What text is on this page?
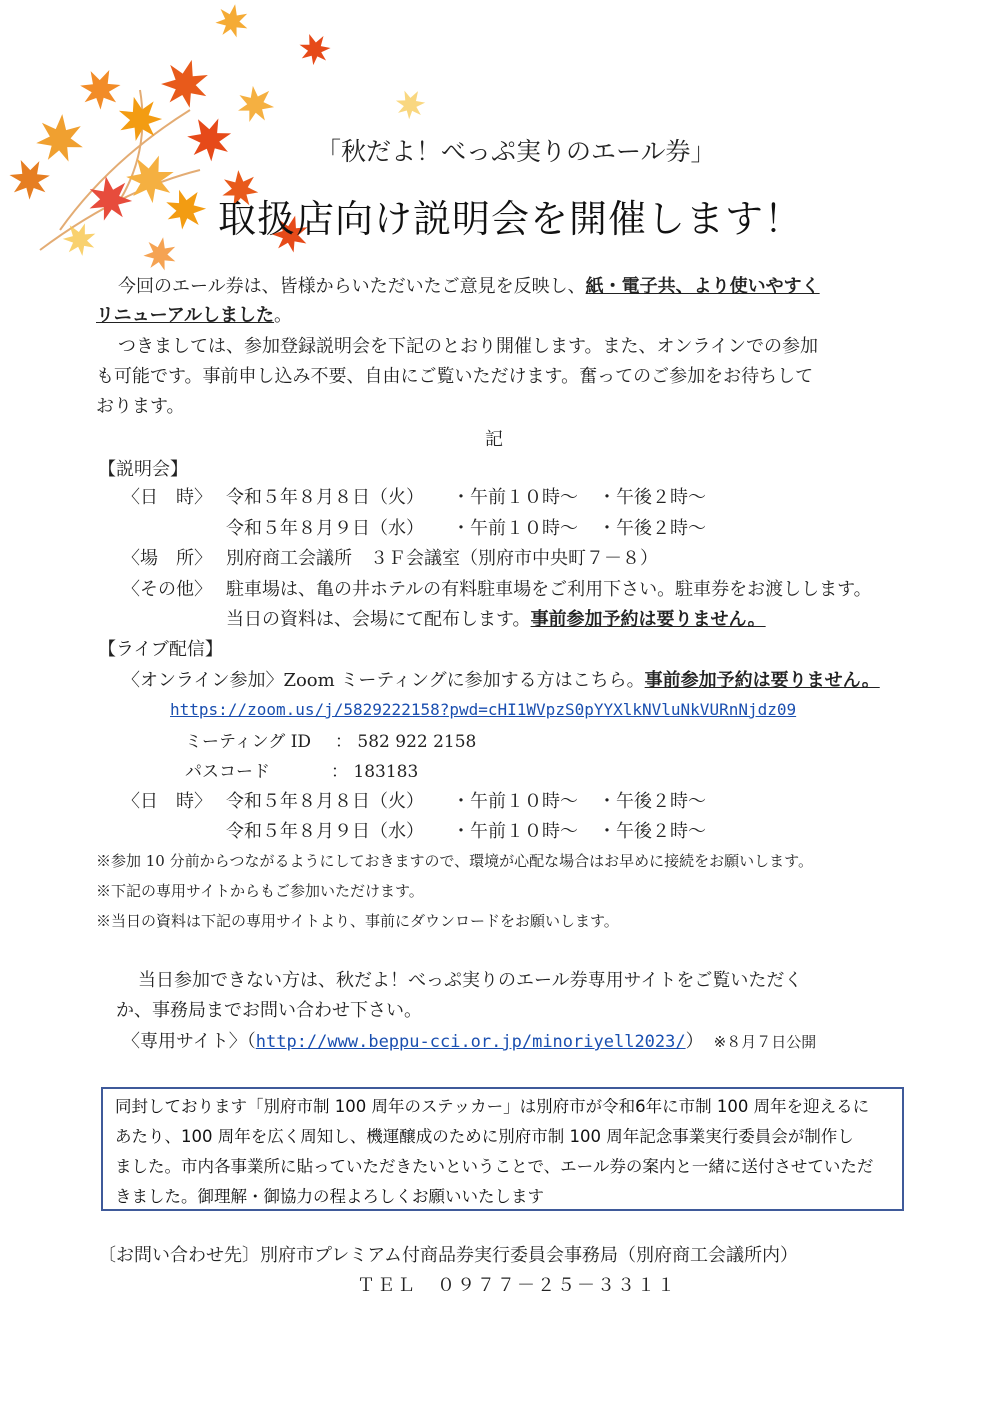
「秋だよ！べっぷ実りのエール券」
取扱店向け説明会を開催します！
今回のエール券は、皆様からいただいたご意見を反映し、紙・電子共、より使いやすく
リニューアルしました。
つきましては、参加登録説明会を下記のとおり開催します。また、オンラインでの参加
も可能です。事前申し込み不要、自由にご覧いただけます。奮ってのご参加をお待ちして
おります。
記
【説明会】
〈日　時〉 令和５年８月８日（火） ・午前１０時～ ・午後２時～
令和５年８月９日（水） ・午前１０時～ ・午後２時～
〈場　所〉 別府商工会議所　３Ｆ会議室（別府市中央町７－８）
〈その他〉 駐車場は、亀の井ホテルの有料駐車場をご利用下さい。駐車券をお渡しします。
当日の資料は、会場にて配布します。事前参加予約は要りません。
【ライブ配信】
〈オンライン参加〉Zoom ミーティングに参加する方はこちら。事前参加予約は要りません。
https://zoom.us/j/5829222158?pwd=cHI1WVpzS0pYYXlkNVluNkVURnNjdz09
ミーティング ID ： 582 922 2158
パスコード	： 183183
〈日　時〉 令和５年８月８日（火） ・午前１０時～ ・午後２時～
令和５年８月９日（水） ・午前１０時～ ・午後２時～
※参加 10 分前からつながるようにしておきますので、環境が心配な場合はお早めに接続をお願いします。
※下記の専用サイトからもご参加いただけます。
※当日の資料は下記の専用サイトより、事前にダウンロードをお願いします。
当日参加できない方は、秋だよ！べっぷ実りのエール券専用サイトをご覧いただく
か、事務局までお問い合わせ下さい。
〈専用サイト〉（http://www.beppu-cci.or.jp/minoriyell2023/） ※８月７日公開
同封しております「別府市制 100 周年のステッカー」は別府市が令和6年に市制 100 周年を迎えるに
あたり、100 周年を広く周知し、機運醸成のために別府市制 100 周年記念事業実行委員会が制作し
ました。市内各事業所に貼っていただきたいということで、エール券の案内と一緒に送付させていただ
きました。御理解・御協力の程よろしくお願いいたします
〔お問い合わせ先〕別府市プレミアム付商品券実行委員会事務局（別府商工会議所内）
ＴＥＬ　０９７７－２５－３３１１
